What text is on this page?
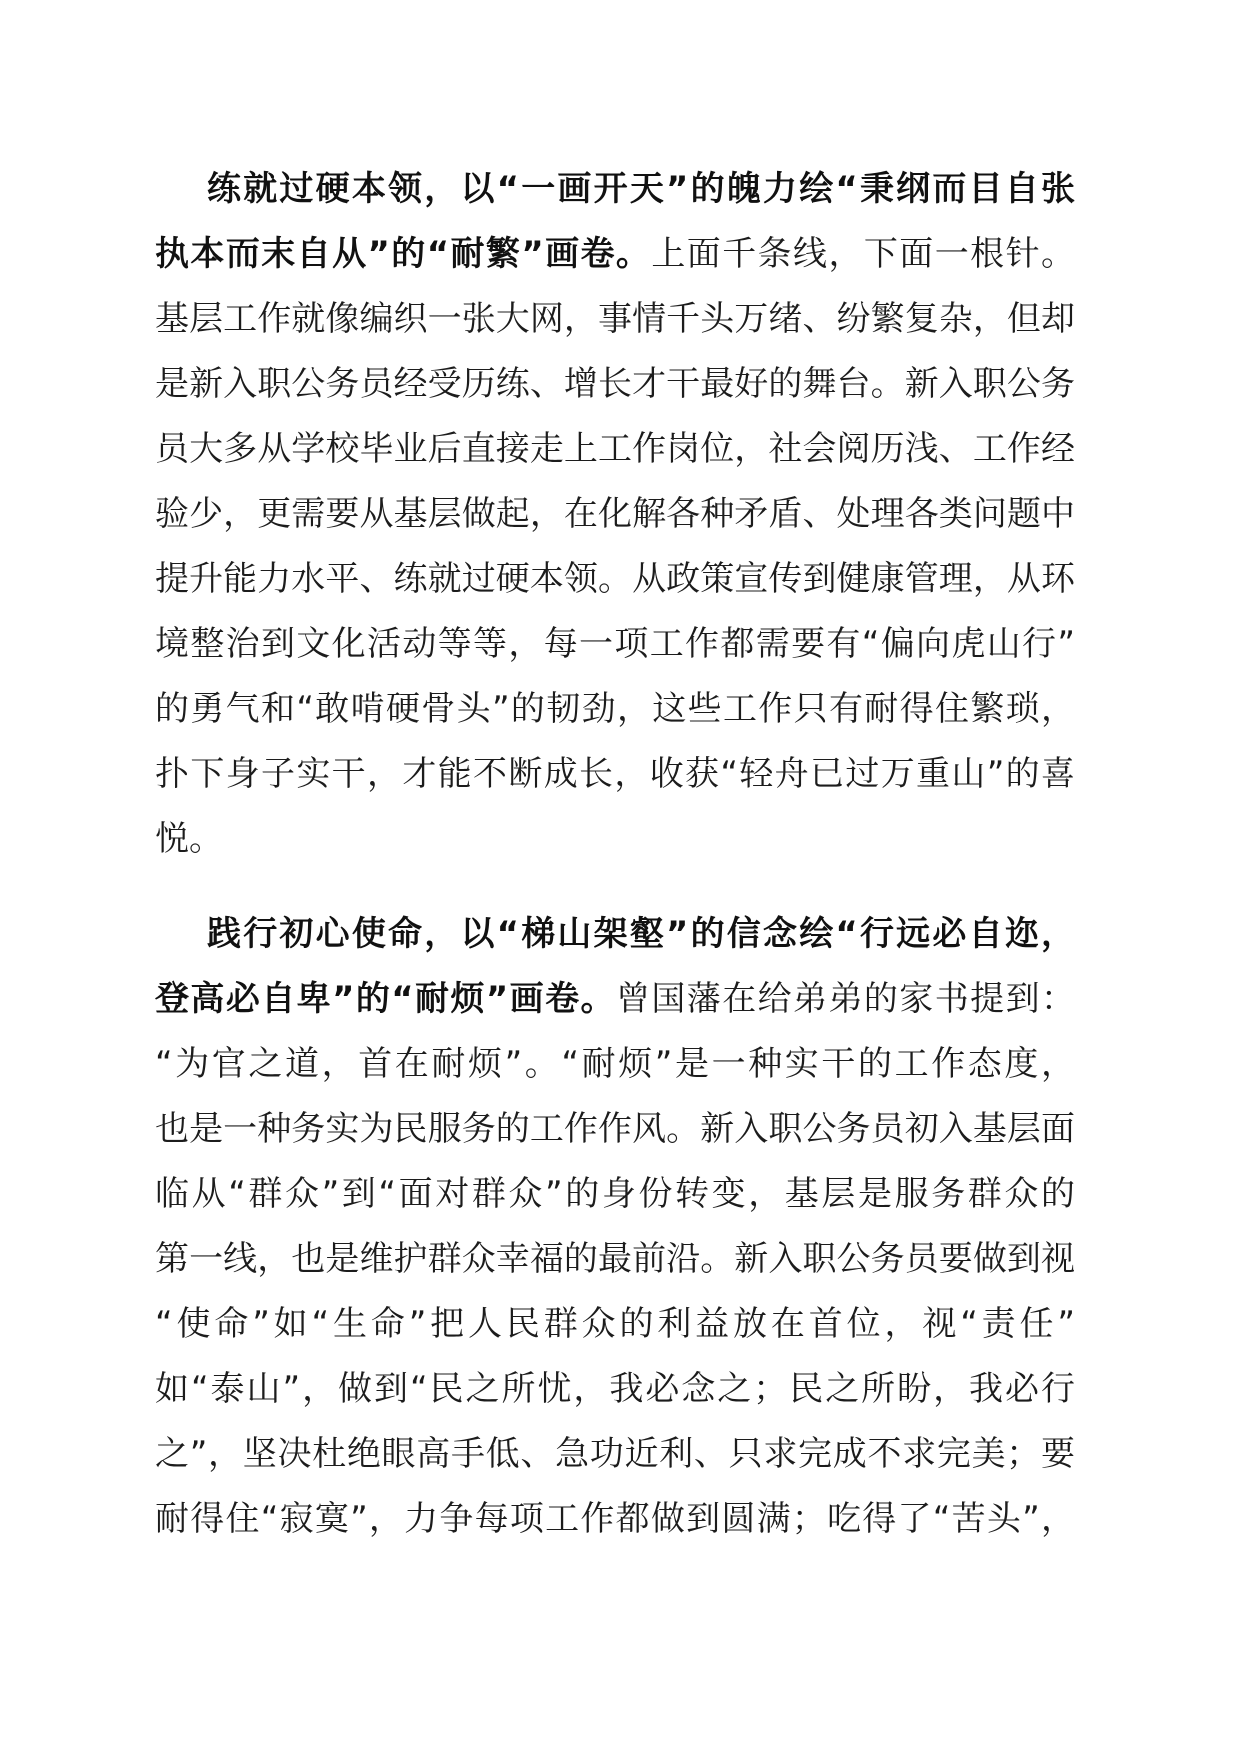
练就过硬本领，以“一画开天”的魄力绘“秉纲而目自张
执本而末自从”的“耐繁”画卷。上面千条线，下面一根针。
基层工作就像编织一张大网，事情千头万绪、纷繁复杂，但却
是新入职公务员经受历练、增长才干最好的舞台。新入职公务
员大多从学校毕业后直接走上工作岗位，社会阅历浅、工作经
验少，更需要从基层做起，在化解各种矛盾、处理各类问题中
提升能力水平、练就过硬本领。从政策宣传到健康管理，从环
境整治到文化活动等等，每一项工作都需要有“偏向虎山行”
的勇气和“敢啃硬骨头”的韧劲，这些工作只有耐得住繁琐，
扑下身子实干，才能不断成长，收获“轻舟已过万重山”的喜
悦。
践行初心使命，以“梯山架壑”的信念绘“行远必自迩，
登高必自卑”的“耐烦”画卷。曾国藩在给弟弟的家书提到：
“为官之道，首在耐烦”。“耐烦”是一种实干的工作态度，
也是一种务实为民服务的工作作风。新入职公务员初入基层面
临从“群众”到“面对群众”的身份转变，基层是服务群众的
第一线，也是维护群众幸福的最前沿。新入职公务员要做到视
“使命”如“生命”把人民群众的利益放在首位，视“责任”
如“泰山”，做到“民之所忧，我必念之；民之所盼，我必行
之”，坚决杜绝眼高手低、急功近利、只求完成不求完美；要
耐得住“寂寞”，力争每项工作都做到圆满；吃得了“苦头”，
